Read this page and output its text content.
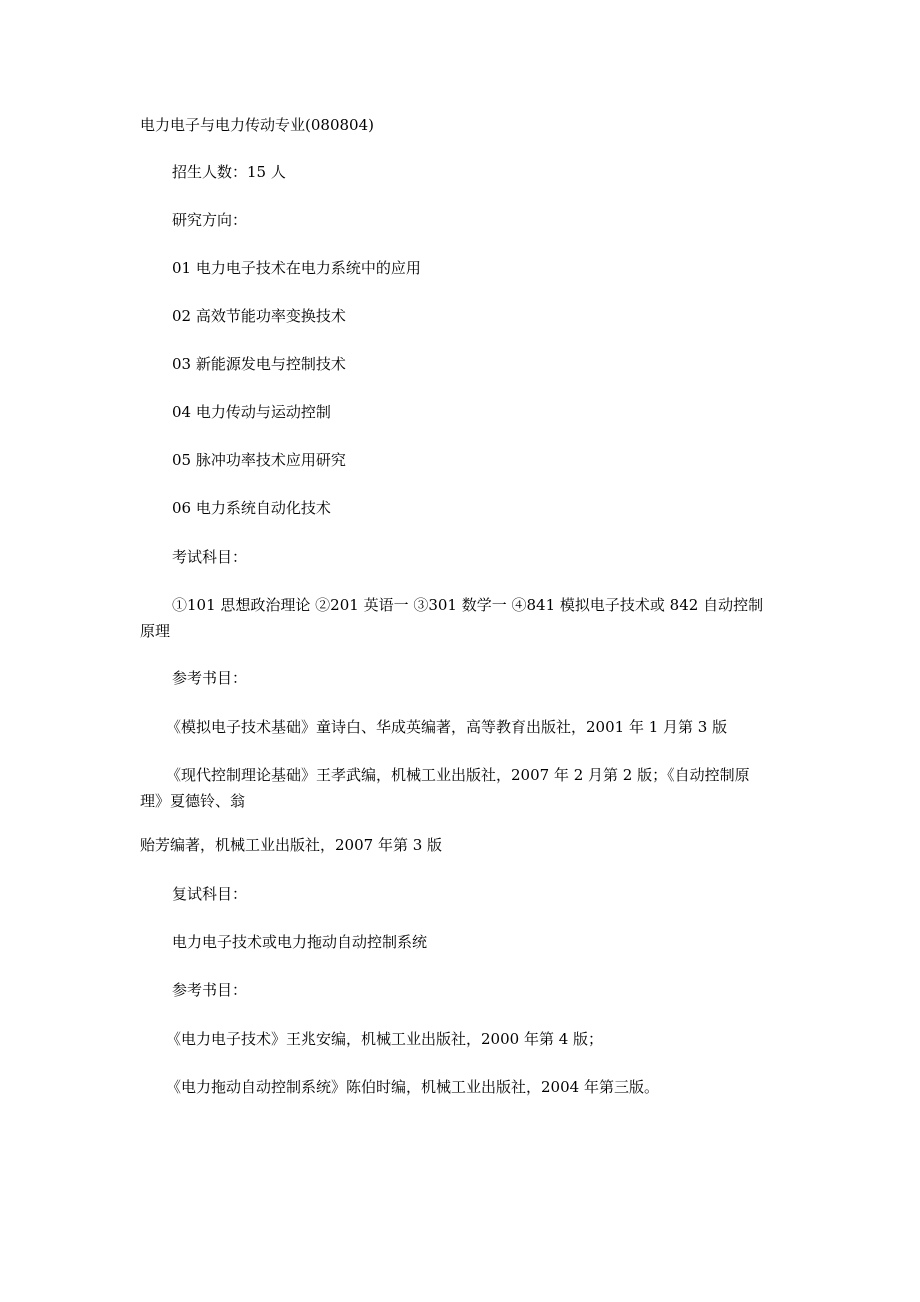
电力电子与电力传动专业(080804)
招生人数：15 人
研究方向：
01 电力电子技术在电力系统中的应用
02 高效节能功率变换技术
03 新能源发电与控制技术
04 电力传动与运动控制
05 脉冲功率技术应用研究
06 电力系统自动化技术
考试科目：
①101 思想政治理论 ②201 英语一 ③301 数学一 ④841 模拟电子技术或 842 自动控制
原理
参考书目：
《模拟电子技术基础》童诗白、华成英编著，高等教育出版社，2001 年 1 月第 3 版
《现代控制理论基础》王孝武编，机械工业出版社，2007 年 2 月第 2 版；《自动控制原
理》夏德铃、翁
贻芳编著，机械工业出版社，2007 年第 3 版
复试科目：
电力电子技术或电力拖动自动控制系统
参考书目：
《电力电子技术》王兆安编，机械工业出版社，2000 年第 4 版；
《电力拖动自动控制系统》陈伯时编，机械工业出版社，2004 年第三版。
